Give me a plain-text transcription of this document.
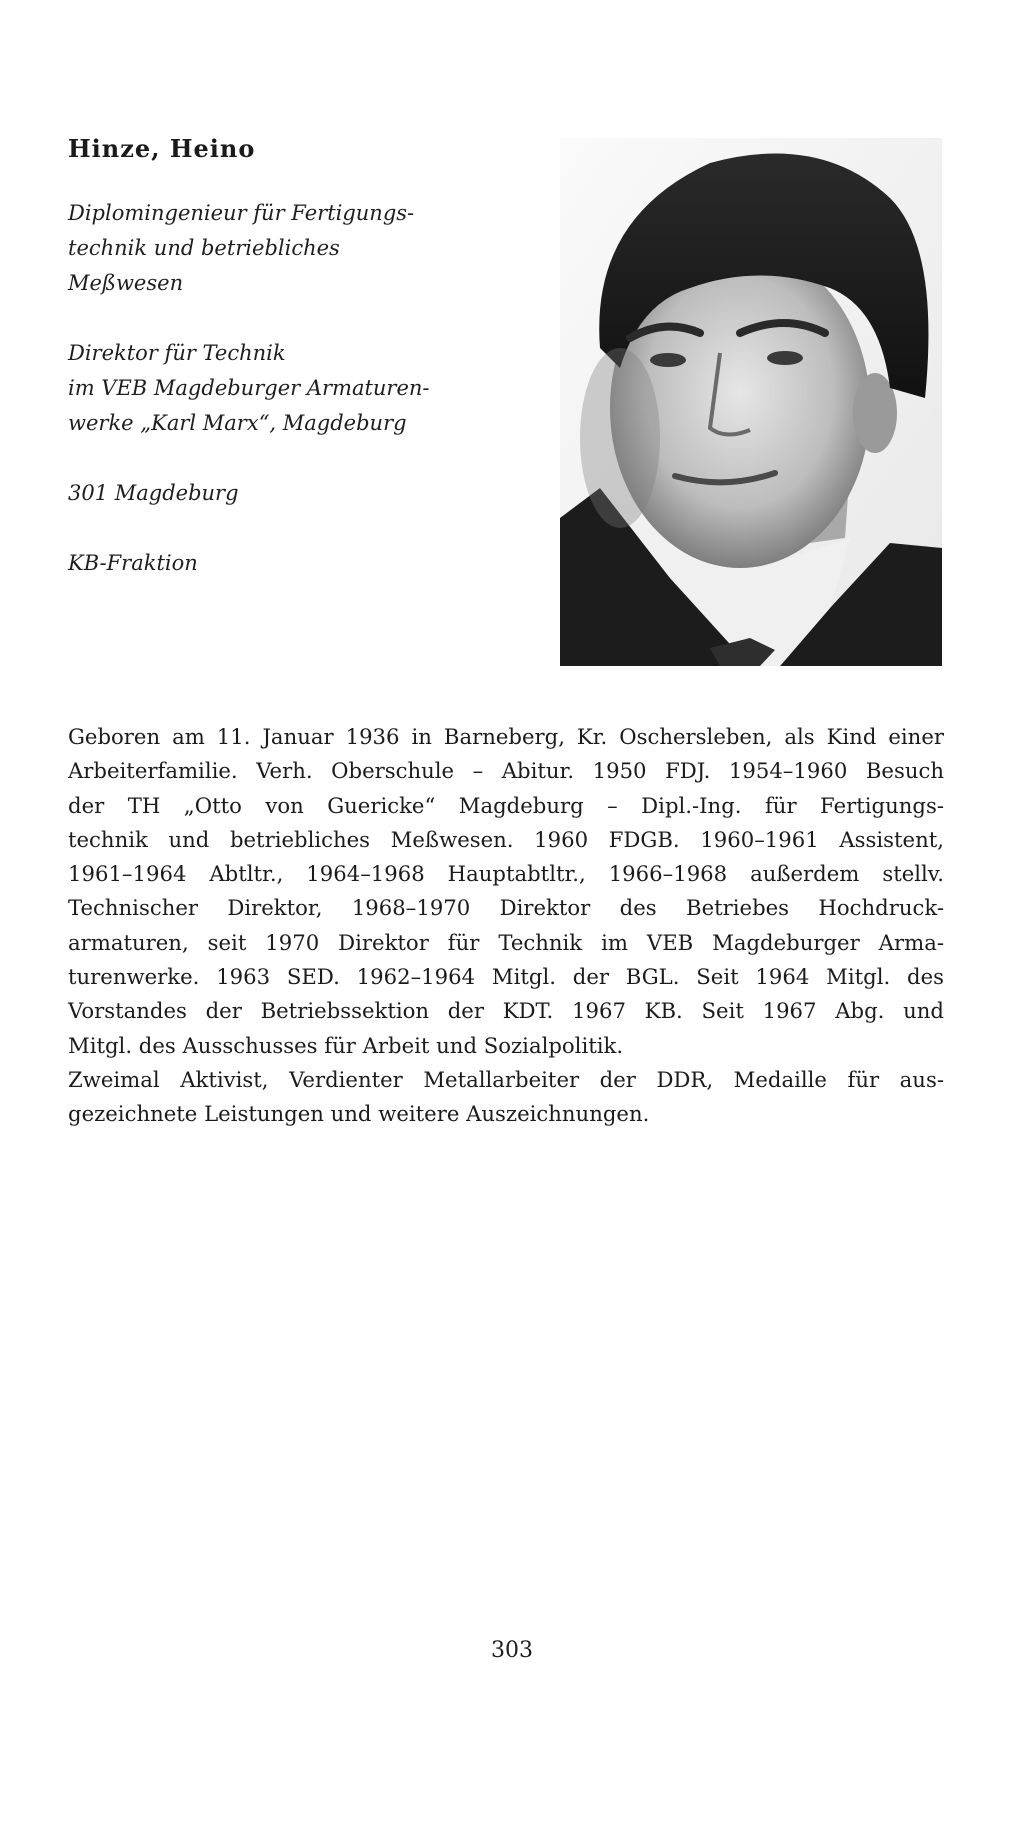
Hinze, Heino

Diplomingenieur für Fertigungs-
technik und betriebliches
Meßwesen

Direktor für Technik
im VEB Magdeburger Armaturen-
werke „Karl Marx“, Magdeburg

301 Magdeburg

KB-Fraktion

Geboren am 11. Januar 1936 in Barneberg, Kr. Oschersleben, als Kind einer
Arbeiterfamilie. Verh. Oberschule – Abitur. 1950 FDJ. 1954–1960 Besuch
der TH „Otto von Guericke“ Magdeburg – Dipl.-Ing. für Fertigungs-
technik und betriebliches Meßwesen. 1960 FDGB. 1960–1961 Assistent,
1961–1964 Abtltr., 1964–1968 Hauptabtltr., 1966–1968 außerdem stellv.
Technischer Direktor, 1968–1970 Direktor des Betriebes Hochdruck-
armaturen, seit 1970 Direktor für Technik im VEB Magdeburger Arma-
turenwerke. 1963 SED. 1962–1964 Mitgl. der BGL. Seit 1964 Mitgl. des
Vorstandes der Betriebssektion der KDT. 1967 KB. Seit 1967 Abg. und
Mitgl. des Ausschusses für Arbeit und Sozialpolitik.
Zweimal Aktivist, Verdienter Metallarbeiter der DDR, Medaille für aus-
gezeichnete Leistungen und weitere Auszeichnungen.
303
